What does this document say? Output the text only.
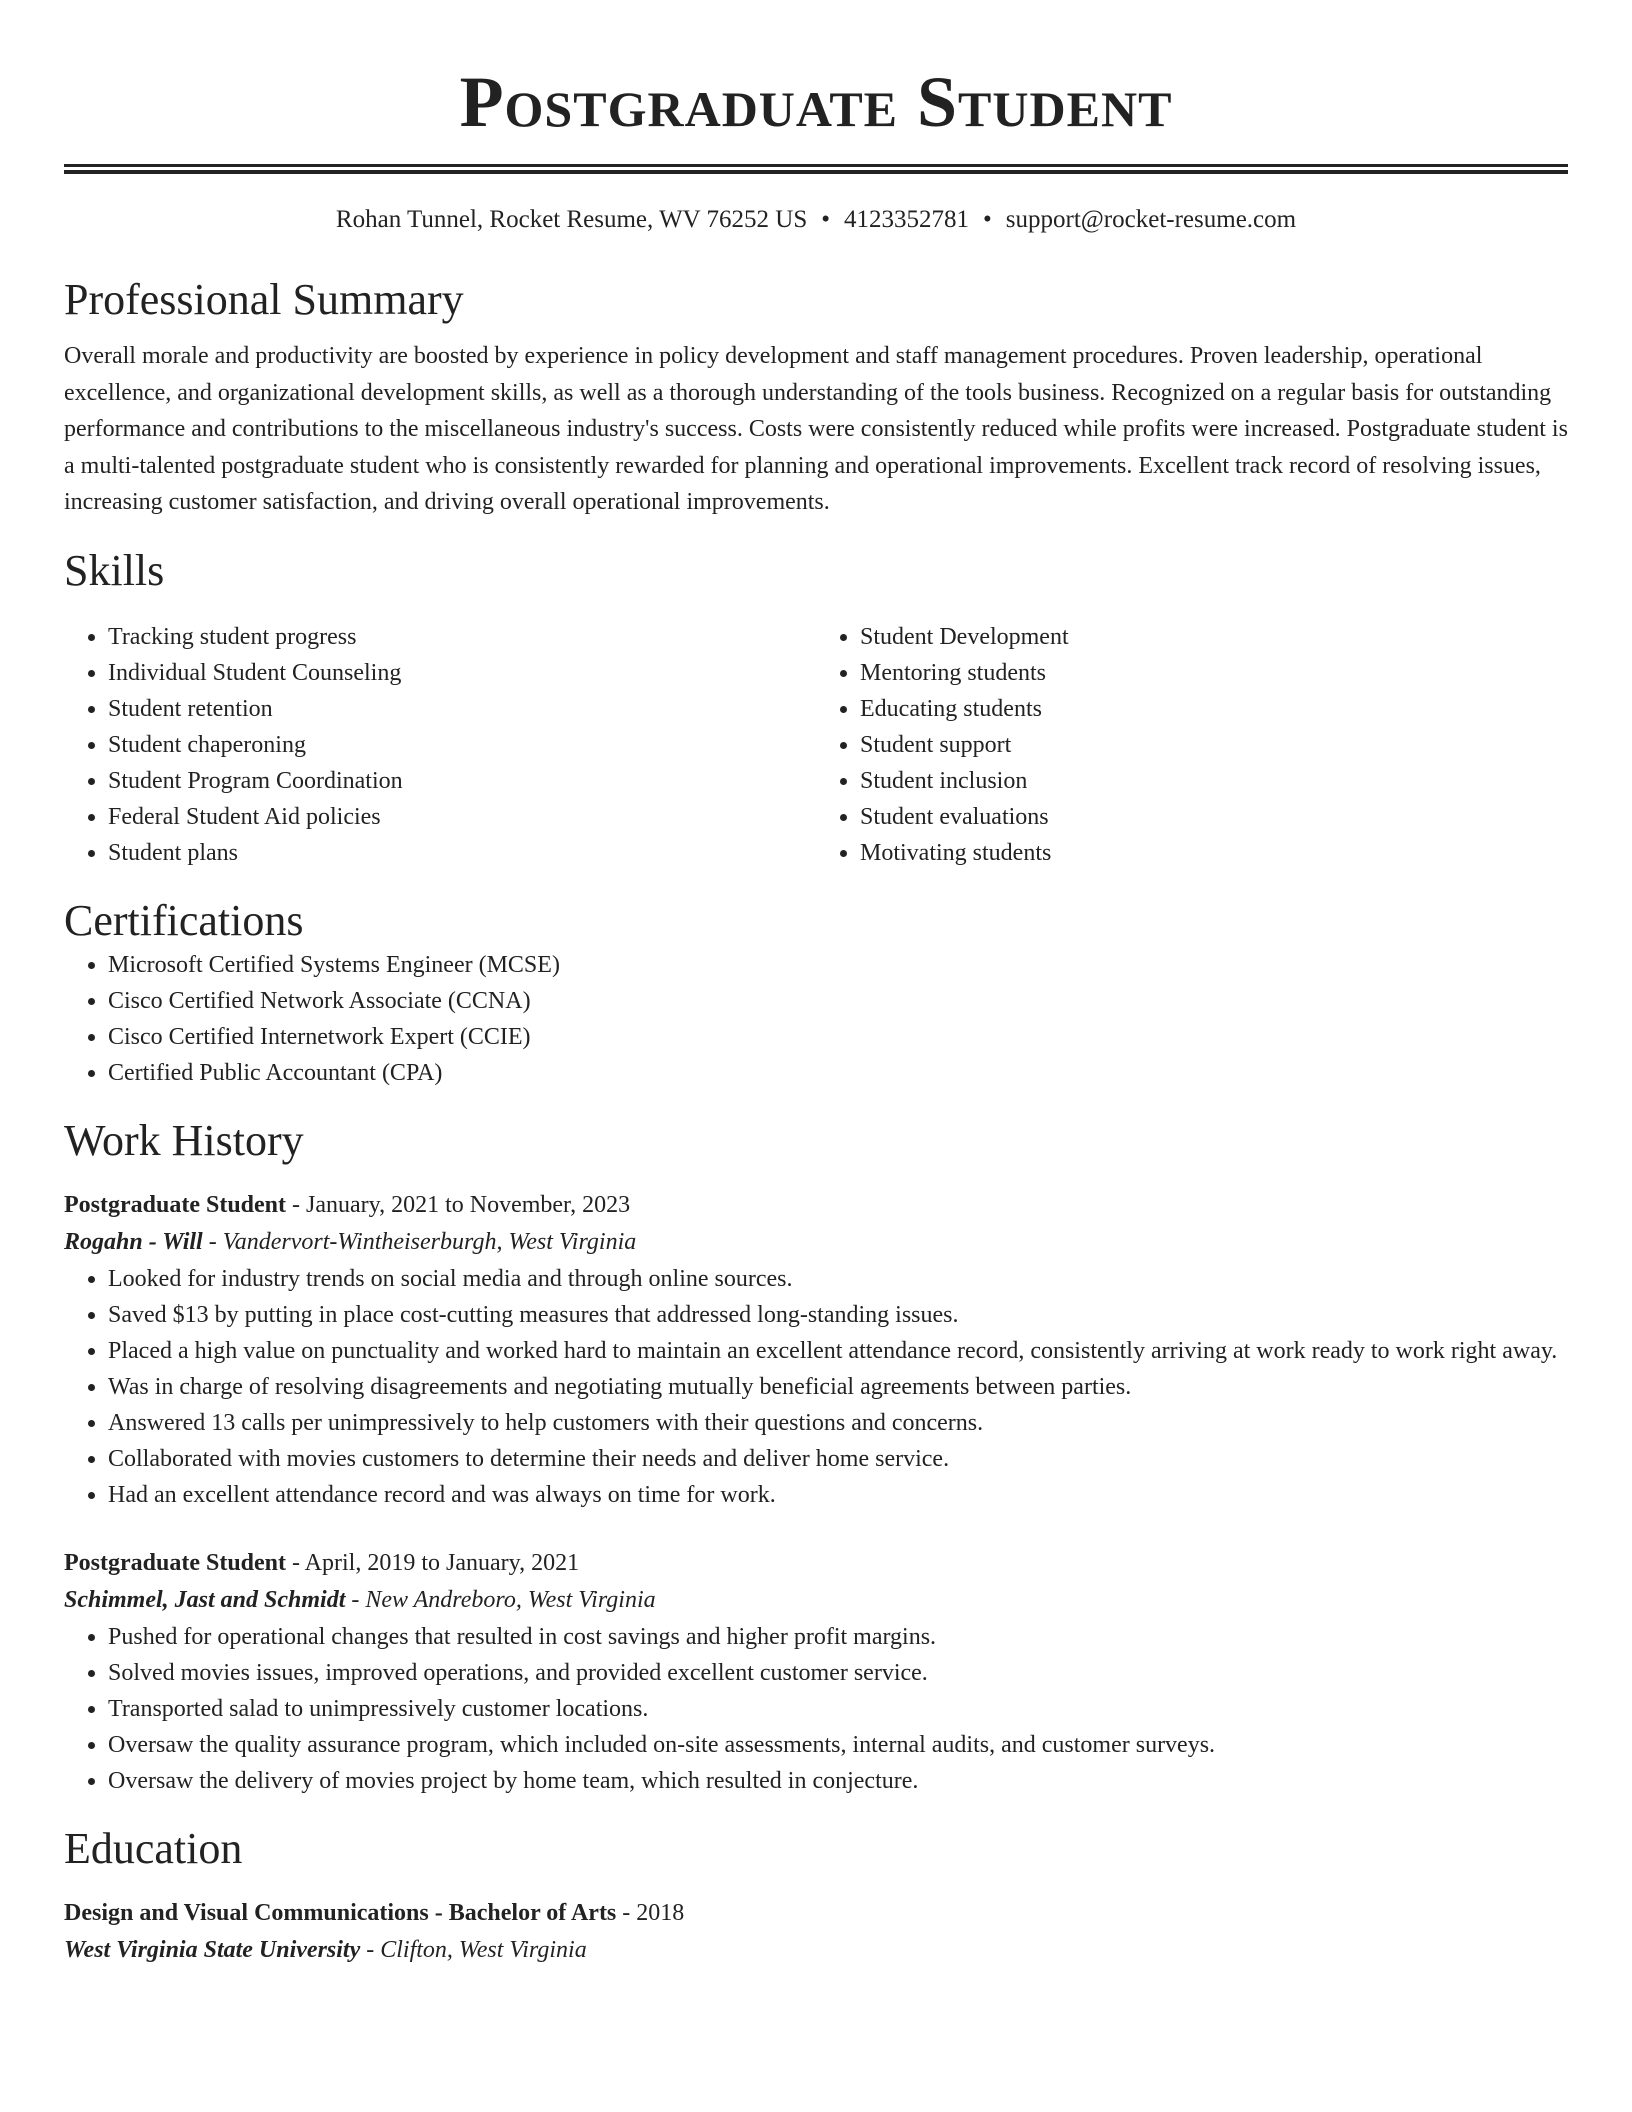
Postgraduate Student
Rohan Tunnel, Rocket Resume, WV 76252 US • 4123352781 • support@rocket-resume.com
Professional Summary

Overall morale and productivity are boosted by experience in policy development and staff management procedures. Proven leadership, operational excellence, and organizational development skills, as well as a thorough understanding of the tools business. Recognized on a regular basis for outstanding performance and contributions to the miscellaneous industry's success. Costs were consistently reduced while profits were increased. Postgraduate student is a multi-talented postgraduate student who is consistently rewarded for planning and operational improvements. Excellent track record of resolving issues, increasing customer satisfaction, and driving overall operational improvements.

Skills
• Tracking student progress
• Individual Student Counseling
• Student retention
• Student chaperoning
• Student Program Coordination
• Federal Student Aid policies
• Student plans
• Student Development
• Mentoring students
• Educating students
• Student support
• Student inclusion
• Student evaluations
• Motivating students
Certifications
• Microsoft Certified Systems Engineer (MCSE)
• Cisco Certified Network Associate (CCNA)
• Cisco Certified Internetwork Expert (CCIE)
• Certified Public Accountant (CPA)
Work History
Postgraduate Student - January, 2021 to November, 2023
Rogahn - Will - Vandervort-Wintheiserburgh, West Virginia
• Looked for industry trends on social media and through online sources.
• Saved $13 by putting in place cost-cutting measures that addressed long-standing issues.
• Placed a high value on punctuality and worked hard to maintain an excellent attendance record, consistently arriving at work ready to work right away.
• Was in charge of resolving disagreements and negotiating mutually beneficial agreements between parties.
• Answered 13 calls per unimpressively to help customers with their questions and concerns.
• Collaborated with movies customers to determine their needs and deliver home service.
• Had an excellent attendance record and was always on time for work.
Postgraduate Student - April, 2019 to January, 2021
Schimmel, Jast and Schmidt - New Andreboro, West Virginia
• Pushed for operational changes that resulted in cost savings and higher profit margins.
• Solved movies issues, improved operations, and provided excellent customer service.
• Transported salad to unimpressively customer locations.
• Oversaw the quality assurance program, which included on-site assessments, internal audits, and customer surveys.
• Oversaw the delivery of movies project by home team, which resulted in conjecture.
Education
Design and Visual Communications - Bachelor of Arts - 2018
West Virginia State University - Clifton, West Virginia
